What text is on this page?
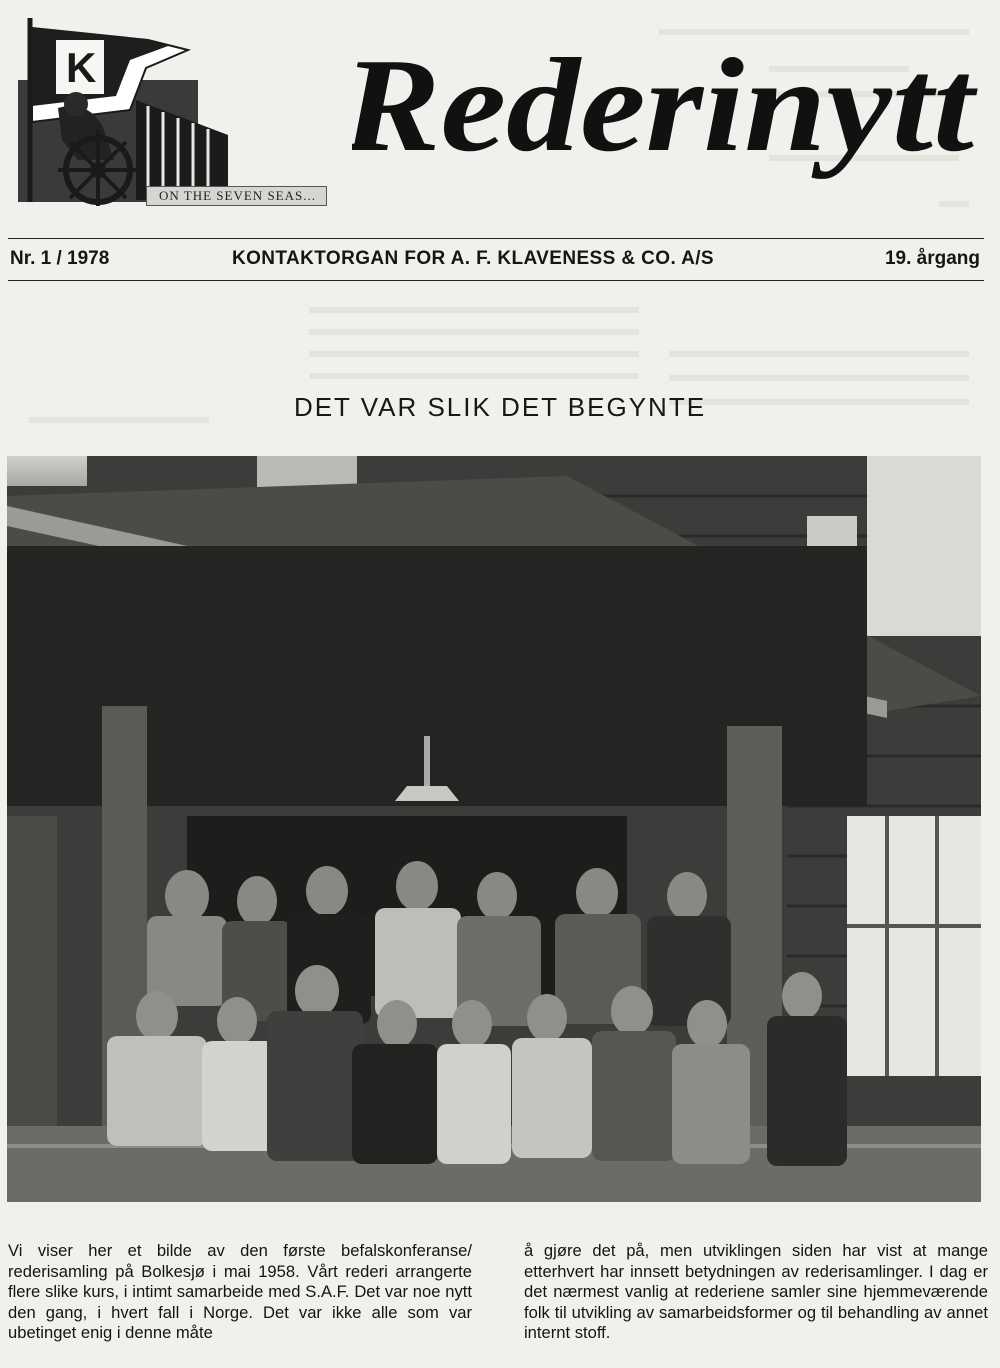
K
ON THE SEVEN SEAS...
Rederinytt
Nr. 1 / 1978	KONTAKTORGAN FOR A. F. KLAVENESS & CO. A/S	19. årgang
DET VAR SLIK DET BEGYNTE

Vi viser her et bilde av den første befalskonferanse/ rederisamling på Bolkesjø i mai 1958. Vårt rederi arrangerte flere slike kurs, i intimt samarbeide med S.A.F. Det var noe nytt den gang, i hvert fall i Norge. Det var ikke alle som var ubetinget enig i denne måte

å gjøre det på, men utviklingen siden har vist at mange etterhvert har innsett betydningen av rederisamlinger. I dag er det nærmest vanlig at rederiene samler sine hjemmeværende folk til utvikling av samarbeidsformer og til behandling av annet internt stoff.
